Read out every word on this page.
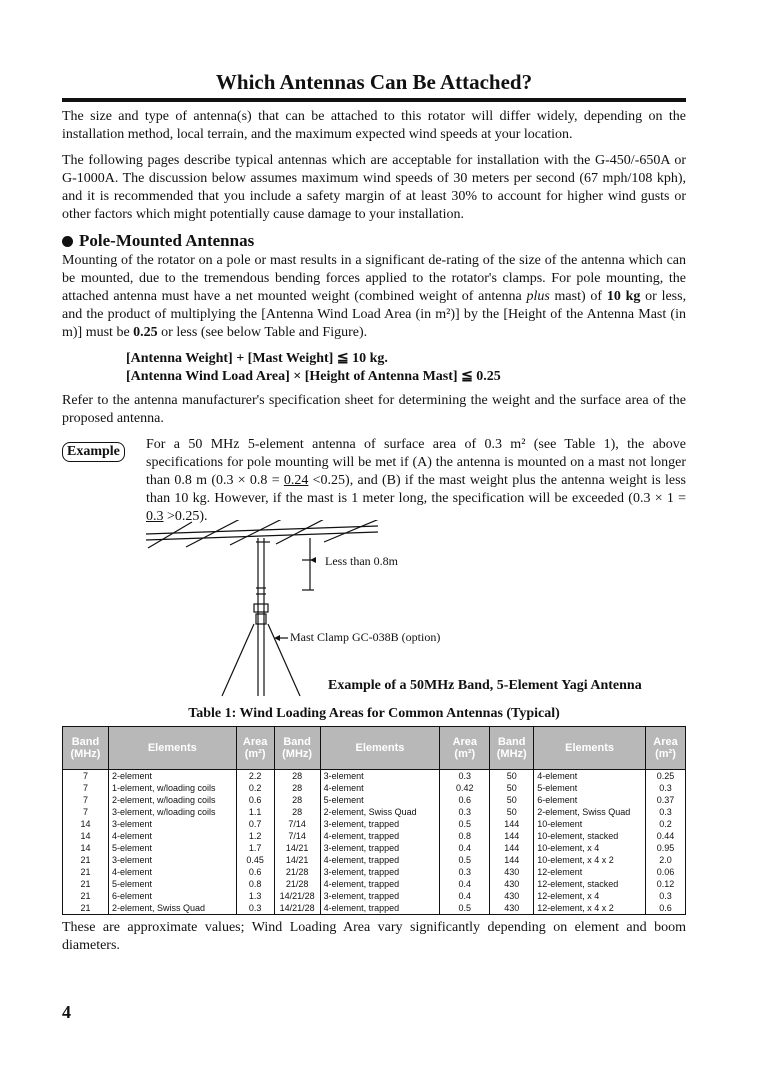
Which Antennas Can Be Attached?

The size and type of antenna(s) that can be attached to this rotator will differ widely, depending on the installation method, local terrain, and the maximum expected wind speeds at your location.

The following pages describe typical antennas which are acceptable for installation with the G-450/-650A or G-1000A. The discussion below assumes maximum wind speeds of 30 meters per second (67 mph/108 kph), and it is recommended that you include a safety margin of at least 30% to account for higher wind gusts or other factors which might potentially cause damage to your installation.

Pole-Mounted Antennas

Mounting of the rotator on a pole or mast results in a significant de-rating of the size of the antenna which can be mounted, due to the tremendous bending forces applied to the rotator's clamps. For pole mounting, the attached antenna must have a net mounted weight (combined weight of antenna plus mast) of 10 kg or less, and the product of multiplying the [Antenna Wind Load Area (in m²)] by the [Height of the Antenna Mast (in m)] must be 0.25 or less (see below Table and Figure).

[Antenna Weight] + [Mast Weight] ≦ 10 kg.
[Antenna Wind Load Area] × [Height of Antenna Mast] ≦ 0.25

Refer to the antenna manufacturer's specification sheet for determining the weight and the surface area of the proposed antenna.

Example	For a 50 MHz 5-element antenna of surface area of 0.3 m² (see Table 1), the above specifications for pole mounting will be met if (A) the antenna is mounted on a mast not longer than 0.8 m (0.3 × 0.8 = 0.24 <0.25), and (B) if the mast weight plus the antenna weight is less than 10 kg. However, if the mast is 1 meter long, the specification will be exceeded (0.3 × 1 = 0.3 >0.25).

Less than 0.8m
Mast Clamp GC-038B (option)
Example of a 50MHz Band, 5-Element Yagi Antenna
Table 1: Wind Loading Areas for Common Antennas (Typical)
Band (MHz)	Elements	Area (m²)	Band (MHz)	Elements	Area (m²)	Band (MHz)	Elements	Area (m²)
7	2-element	2.2	28	3-element	0.3	50	4-element	0.25
7	1-element, w/loading coils	0.2	28	4-element	0.42	50	5-element	0.3
7	2-element, w/loading coils	0.6	28	5-element	0.6	50	6-element	0.37
7	3-element, w/loading coils	1.1	28	2-element, Swiss Quad	0.3	50	2-element, Swiss Quad	0.3
14	3-element	0.7	7/14	3-element, trapped	0.5	144	10-element	0.2
14	4-element	1.2	7/14	4-element, trapped	0.8	144	10-element, stacked	0.44
14	5-element	1.7	14/21	3-element, trapped	0.4	144	10-element, x 4	0.95
21	3-element	0.45	14/21	4-element, trapped	0.5	144	10-element, x 4 x 2	2.0
21	4-element	0.6	21/28	3-element, trapped	0.3	430	12-element	0.06
21	5-element	0.8	21/28	4-element, trapped	0.4	430	12-element, stacked	0.12
21	6-element	1.3	14/21/28	3-element, trapped	0.4	430	12-element, x 4	0.3
21	2-element, Swiss Quad	0.3	14/21/28	4-element, trapped	0.5	430	12-element, x 4 x 2	0.6

These are approximate values; Wind Loading Area vary significantly depending on element and boom diameters.

4
